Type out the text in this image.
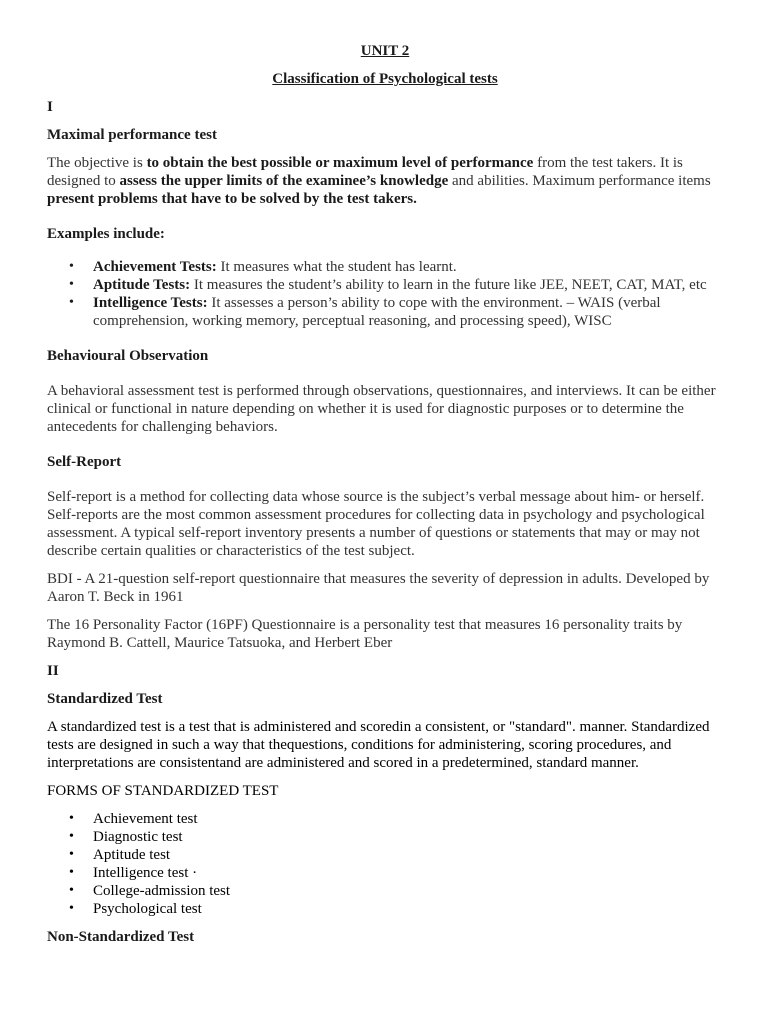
UNIT 2

Classification of Psychological tests

I

Maximal performance test

The objective is to obtain the best possible or maximum level of performance from the test takers. It is designed to assess the upper limits of the examinee’s knowledge and abilities. Maximum performance items present problems that have to be solved by the test takers.

Examples include:

• Achievement Tests: It measures what the student has learnt.
• Aptitude Tests: It measures the student’s ability to learn in the future like JEE, NEET, CAT, MAT, etc
• Intelligence Tests: It assesses a person’s ability to cope with the environment. – WAIS (verbal comprehension, working memory, perceptual reasoning, and processing speed), WISC

Behavioural Observation

A behavioral assessment test is performed through observations, questionnaires, and interviews. It can be either clinical or functional in nature depending on whether it is used for diagnostic purposes or to determine the antecedents for challenging behaviors.

Self-Report

Self-report is a method for collecting data whose source is the subject’s verbal message about him- or herself. Self-reports are the most common assessment procedures for collecting data in psychology and psychological assessment. A typical self-report inventory presents a number of questions or statements that may or may not describe certain qualities or characteristics of the test subject.

BDI - A 21-question self-report questionnaire that measures the severity of depression in adults. Developed by Aaron T. Beck in 1961

The 16 Personality Factor (16PF) Questionnaire is a personality test that measures 16 personality traits by Raymond B. Cattell, Maurice Tatsuoka, and Herbert Eber

II

Standardized Test

A standardized test is a test that is administered and scoredin a consistent, or "standard". manner. Standardized tests are designed in such a way that thequestions, conditions for administering, scoring procedures, and interpretations are consistentand are administered and scored in a predetermined, standard manner.

FORMS OF STANDARDIZED TEST

• Achievement test
• Diagnostic test
• Aptitude test
• Intelligence test ·
• College-admission test
• Psychological test

Non-Standardized Test
